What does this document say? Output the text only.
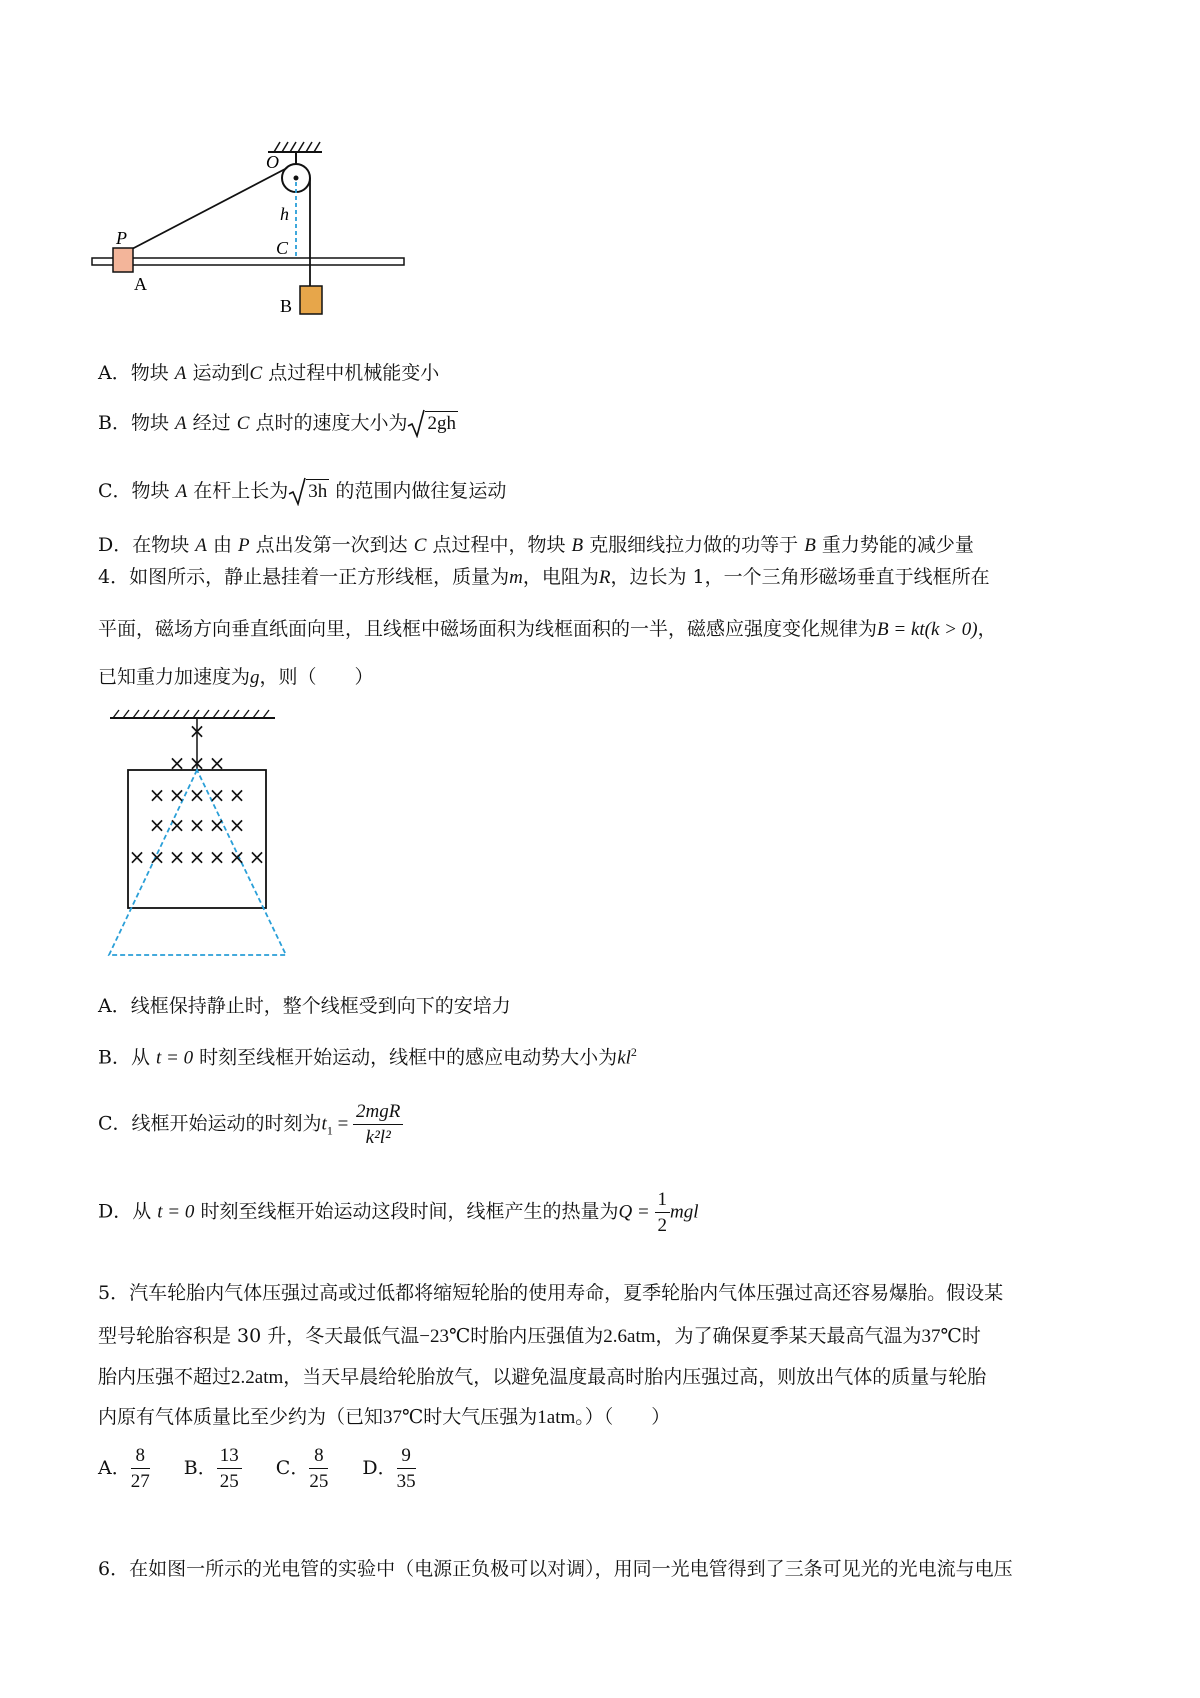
O
h
C
P
A
B
A．物块 A 运动到C 点过程中机械能变小
B．物块 A 经过 C 点时的速度大小为 2gh
C．物块 A 在杆上长为 3h 的范围内做往复运动
D．在物块 A 由 P 点出发第一次到达 C 点过程中，物块 B 克服细线拉力做的功等于 B 重力势能的减少量
4．如图所示，静止悬挂着一正方形线框，质量为m，电阻为R，边长为 1，一个三角形磁场垂直于线框所在
平面，磁场方向垂直纸面向里，且线框中磁场面积为线框面积的一半，磁感应强度变化规律为B = kt(k > 0)，
已知重力加速度为g，则（　　）
×
× × ×
× × × × ×
× × × × ×
× × × × × × ×
A．线框保持静止时，整个线框受到向下的安培力
B．从 t = 0 时刻至线框开始运动，线框中的感应电动势大小为$kl^2$
C．线框开始运动的时刻为$t_1 = \frac{\text{2mgR}}{\text{k²l²}}$
D．从 t = 0 时刻至线框开始运动这段时间，线框产生的热量为$Q = \frac{1}{2}$ mgl
5．汽车轮胎内气体压强过高或过低都将缩短轮胎的使用寿命，夏季轮胎内气体压强过高还容易爆胎。假设某
型号轮胎容积是 30 升，冬天最低气温−23℃时胎内压强值为2.6atm，为了确保夏季某天最高气温为37℃时
胎内压强不超过2.2atm，当天早晨给轮胎放气，以避免温度最高时胎内压强过高，则放出气体的质量与轮胎
内原有气体质量比至少约为（已知37℃时大气压强为1atm。）（　　）
A． $\frac{8}{27}$ B． $\frac{13}{25}$ C． $\frac{8}{25}$ D． $\frac{9}{35}$
6．在如图一所示的光电管的实验中（电源正负极可以对调），用同一光电管得到了三条可见光的光电流与电压
